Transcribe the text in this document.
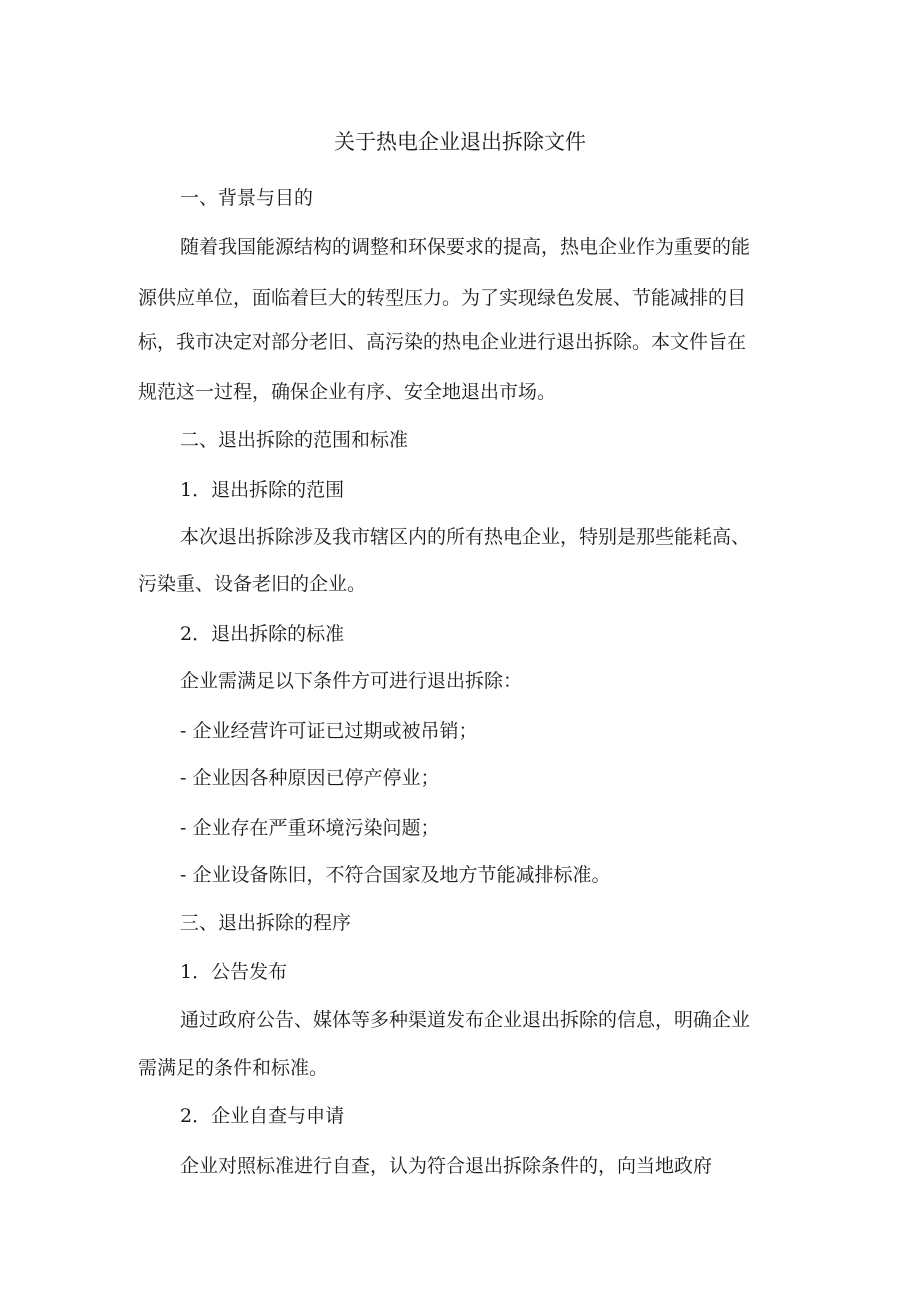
关于热电企业退出拆除文件

一、背景与目的

随着我国能源结构的调整和环保要求的提高，热电企业作为重要的能

源供应单位，面临着巨大的转型压力。为了实现绿色发展、节能减排的目

标，我市决定对部分老旧、高污染的热电企业进行退出拆除。本文件旨在

规范这一过程，确保企业有序、安全地退出市场。

二、退出拆除的范围和标准

1．退出拆除的范围

本次退出拆除涉及我市辖区内的所有热电企业，特别是那些能耗高、

污染重、设备老旧的企业。

2．退出拆除的标准

企业需满足以下条件方可进行退出拆除：

- 企业经营许可证已过期或被吊销；

- 企业因各种原因已停产停业；

- 企业存在严重环境污染问题；

- 企业设备陈旧，不符合国家及地方节能减排标准。

三、退出拆除的程序

1．公告发布

通过政府公告、媒体等多种渠道发布企业退出拆除的信息，明确企业

需满足的条件和标准。

2．企业自查与申请

企业对照标准进行自查，认为符合退出拆除条件的，向当地政府
